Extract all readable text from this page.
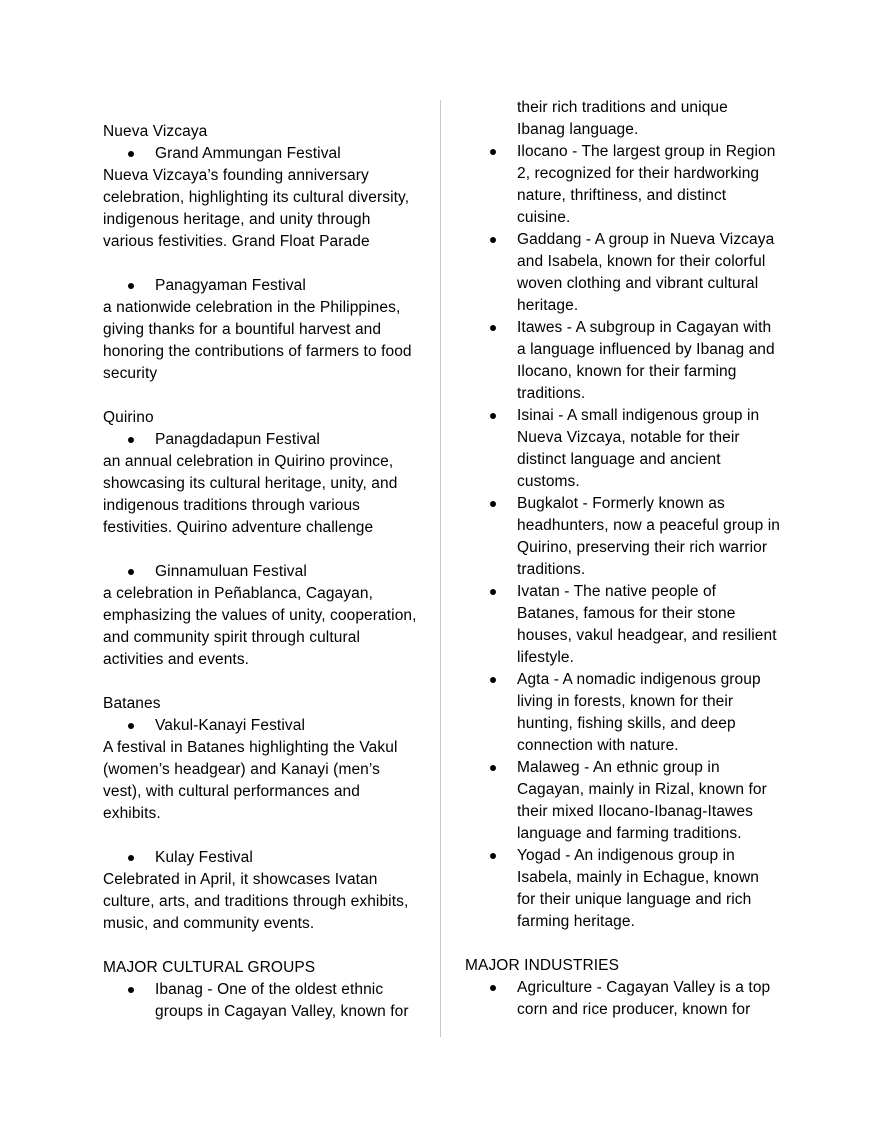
Nueva Vizcaya
Grand Ammungan Festival
Nueva Vizcaya’s founding anniversary celebration, highlighting its cultural diversity, indigenous heritage, and unity through various festivities. Grand Float Parade
Panagyaman Festival
a nationwide celebration in the Philippines, giving thanks for a bountiful harvest and honoring the contributions of farmers to food security
Quirino
Panagdadapun Festival
an annual celebration in Quirino province, showcasing its cultural heritage, unity, and indigenous traditions through various festivities. Quirino adventure challenge
Ginnamuluan Festival
a celebration in Peñablanca, Cagayan, emphasizing the values of unity, cooperation, and community spirit through cultural activities and events.
Batanes
Vakul-Kanayi Festival
A festival in Batanes highlighting the Vakul (women’s headgear) and Kanayi (men’s vest), with cultural performances and exhibits.
Kulay Festival
Celebrated in April, it showcases Ivatan culture, arts, and traditions through exhibits, music, and community events.
MAJOR CULTURAL GROUPS
Ibanag - One of the oldest ethnic groups in Cagayan Valley, known for
their rich traditions and unique Ibanag language.
Ilocano - The largest group in Region 2, recognized for their hardworking nature, thriftiness, and distinct cuisine.
Gaddang - A group in Nueva Vizcaya and Isabela, known for their colorful woven clothing and vibrant cultural heritage.
Itawes - A subgroup in Cagayan with a language influenced by Ibanag and Ilocano, known for their farming traditions.
Isinai - A small indigenous group in Nueva Vizcaya, notable for their distinct language and ancient customs.
Bugkalot - Formerly known as headhunters, now a peaceful group in Quirino, preserving their rich warrior traditions.
Ivatan - The native people of Batanes, famous for their stone houses, vakul headgear, and resilient lifestyle.
Agta - A nomadic indigenous group living in forests, known for their hunting, fishing skills, and deep connection with nature.
Malaweg - An ethnic group in Cagayan, mainly in Rizal, known for their mixed Ilocano-Ibanag-Itawes language and farming traditions.
Yogad - An indigenous group in Isabela, mainly in Echague, known for their unique language and rich farming heritage.
MAJOR INDUSTRIES
Agriculture - Cagayan Valley is a top corn and rice producer, known for
